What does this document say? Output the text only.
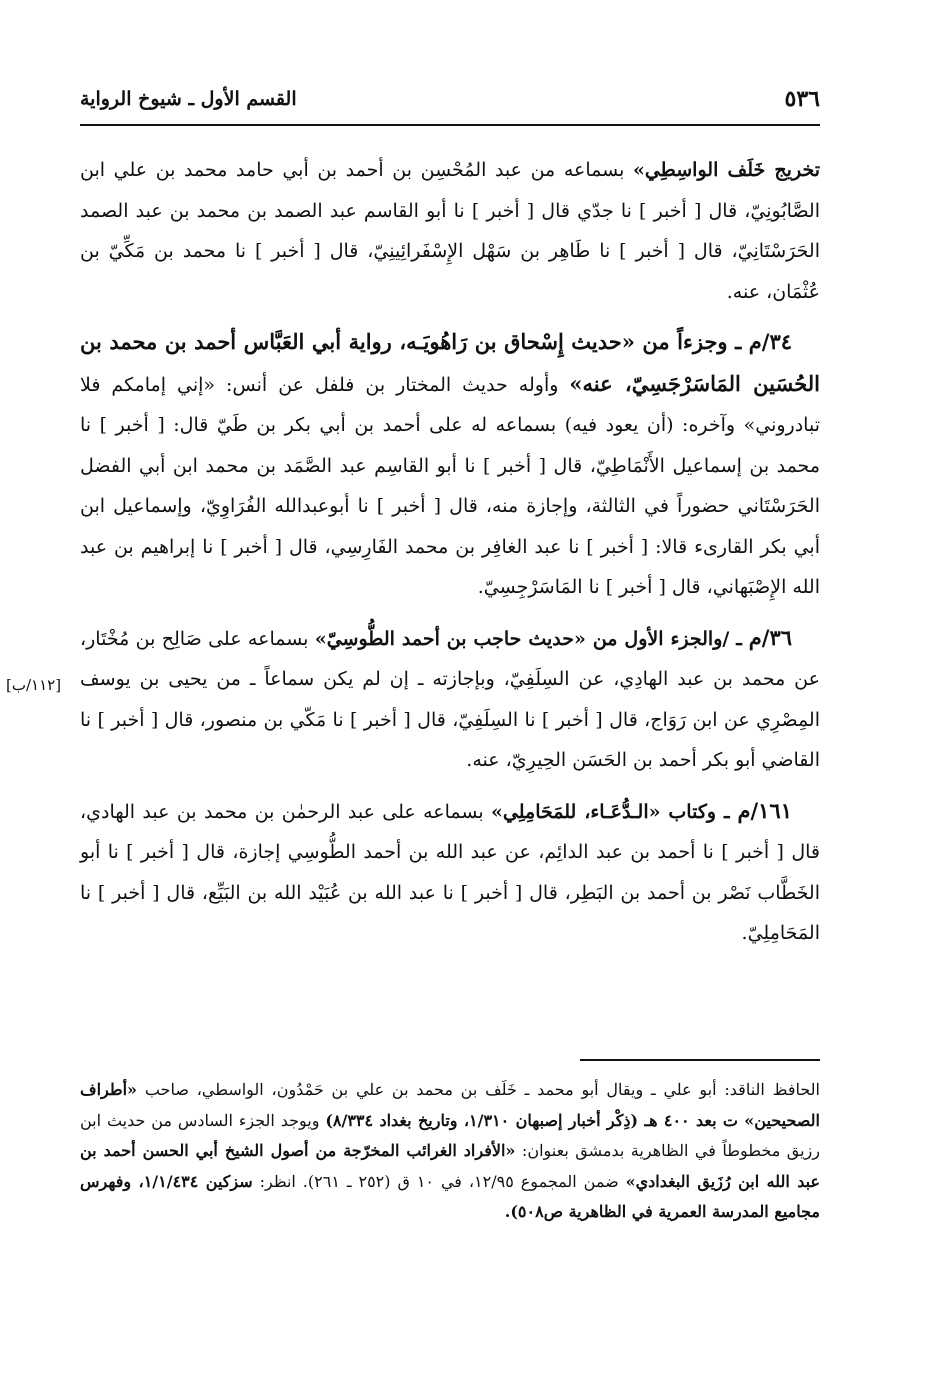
٥٣٦
القسم الأول ـ شيوخ الرواية
[١١٢/ب]

تخريج خَلَف الواسِطِي» بسماعه من عبد المُحْسِن بن أحمد بن أبي حامد محمد بن علي ابن الصَّابُونِيّ، قال [ أخبر ] نا جدّي قال [ أخبر ] نا أبو القاسم عبد الصمد بن محمد بن عبد الصمد الحَرَسْتَانِيّ، قال [ أخبر ] نا طَاهِر بن سَهْل الإِسْفَرائِينِيّ، قال [ أخبر ] نا محمد بن مَكِّيّ بن عُثْمَان، عنه.

٣٤/م ـ وجزءاً من «حديث إِسْحاق بن رَاهُويَـه، رواية أبي العَبَّاس أحمد بن محمد بن الحُسَين المَاسَرْجَسِيّ، عنه» وأوله حديث المختار بن فلفل عن أنس: «إني إمامكم فلا تبادروني» وآخره: (أن يعود فيه) بسماعه له على أحمد بن أبي بكر بن طَيّ قال: [ أخبر ] نا محمد بن إسماعيل الأَنْمَاطِيّ، قال [ أخبر ] نا أبو القاسِم عبد الصَّمَد بن محمد ابن أبي الفضل الحَرَسْتَاني حضوراً في الثالثة، وإجازة منه، قال [ أخبر ] نا أبوعبدالله الفُرَاوِيّ، وإسماعيل ابن أبي بكر القارىء قالا: [ أخبر ] نا عبد الغافِر بن محمد الفَارِسِي، قال [ أخبر ] نا إبراهيم بن عبد الله الإِصْبَهاني، قال [ أخبر ] نا المَاسَرْجِسِيّ.

٣٦/م ـ /والجزء الأول من «حديث حاجب بن أحمد الطُّوسِيّ» بسماعه على صَالِح بن مُخْتَار، عن محمد بن عبد الهادِي، عن السِلَفِيّ، وبإجازته ـ إن لم يكن سماعاً ـ من يحيى بن يوسف المِصْرِي عن ابن رَوَاج، قال [ أخبر ] نا السِلَفِيّ، قال [ أخبر ] نا مَكّي بن منصور، قال [ أخبر ] نا القاضي أبو بكر أحمد بن الحَسَن الحِيرِيّ، عنه.

١٦١/م ـ وكتاب «الـدُّعَـاء، للمَحَامِلِي» بسماعه على عبد الرحمٰن بن محمد بن عبد الهادي، قال [ أخبر ] نا أحمد بن عبد الدائِم، عن عبد الله بن أحمد الطُّوسِي إجازة، قال [ أخبر ] نا أبو الخَطَّاب نَصْر بن أحمد بن البَطِر، قال [ أخبر ] نا عبد الله بن عُبَيْد الله بن البَيِّع، قال [ أخبر ] نا المَحَامِلِيّ.

الحافظ الناقد: أبو علي ـ ويقال أبو محمد ـ خَلَف بن محمد بن علي بن حَمْدُون، الواسطي، صاحب «أطراف الصحيحين» ت بعد ٤٠٠ هـ (ذِكْر أخبار إصبهان ١/٣١٠، وتاريخ بغداد ٨/٣٣٤) ويوجد الجزء السادس من حديث ابن رزيق مخطوطاً في الظاهرية بدمشق بعنوان: «الأفراد الغرائب المخرّجة من أصول الشيخ أبي الحسن أحمد بن عبد الله ابن رُزَيق البغدادي» ضمن المجموع ١٢/٩٥، في ١٠ ق (٢٥٢ ـ ٢٦١). انظر: سزكين ١/١/٤٣٤، وفهرس مجاميع المدرسة العمرية في الظاهرية ص٥٠٨).
